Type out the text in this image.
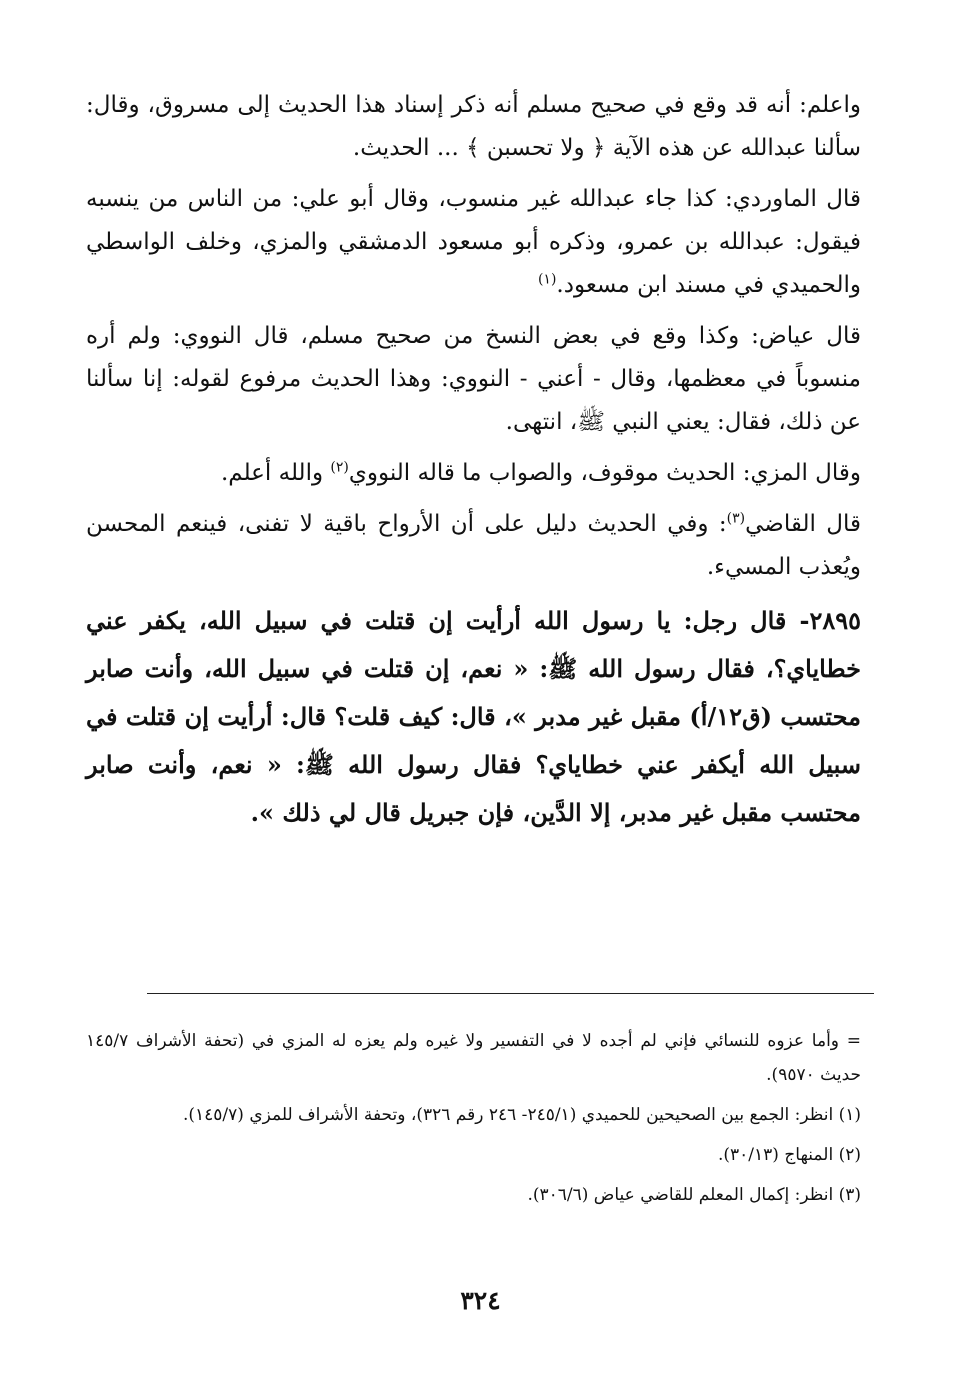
واعلم: أنه قد وقع في صحيح مسلم أنه ذكر إسناد هذا الحديث إلى مسروق، وقال: سألنا عبدالله عن هذه الآية ﴿ ولا تحسبن ﴾ ... الحديث.

قال الماوردي: كذا جاء عبدالله غير منسوب، وقال أبو علي: من الناس من ينسبه فيقول: عبدالله بن عمرو، وذكره أبو مسعود الدمشقي والمزي، وخلف الواسطي والحميدي في مسند ابن مسعود.$^{(١)}$

قال عياض: وكذا وقع في بعض النسخ من صحيح مسلم، قال النووي: ولم أره منسوباً في معظمها، وقال - أعني - النووي: وهذا الحديث مرفوع لقوله: إنا سألنا عن ذلك، فقال: يعني النبي ﷺ، انتهى.

وقال المزي: الحديث موقوف، والصواب ما قاله النووي$^{(٢)}$ والله أعلم.

قال القاضي$^{(٣)}$: وفي الحديث دليل على أن الأرواح باقية لا تفنى، فينعم المحسن ويُعذب المسيء.

٢٨٩٥- قال رجل: يا رسول الله أرأيت إن قتلت في سبيل الله، يكفر عني خطاياي؟، فقال رسول الله ﷺ: « نعم، إن قتلت في سبيل الله، وأنت صابر محتسب (ق١٢/أ) مقبل غير مدبر »، قال: كيف قلت؟ قال: أرأيت إن قتلت في سبيل الله أيكفر عني خطاياي؟ فقال رسول الله ﷺ: « نعم، وأنت صابر محتسب مقبل غير مدبر، إلا الدَّين، فإن جبريل قال لي ذلك ».

= وأما عزوه للنسائي فإني لم أجده لا في التفسير ولا غيره ولم يعزه له المزي في (تحفة الأشراف ١٤٥/٧ حديث ٩٥٧٠).

(١) انظر: الجمع بين الصحيحين للحميدي (٢٤٥/١- ٢٤٦ رقم ٣٢٦)، وتحفة الأشراف للمزي (١٤٥/٧).

(٢) المنهاج (٣٠/١٣).

(٣) انظر: إكمال المعلم للقاضي عياض (٣٠٦/٦).

٣٢٤
